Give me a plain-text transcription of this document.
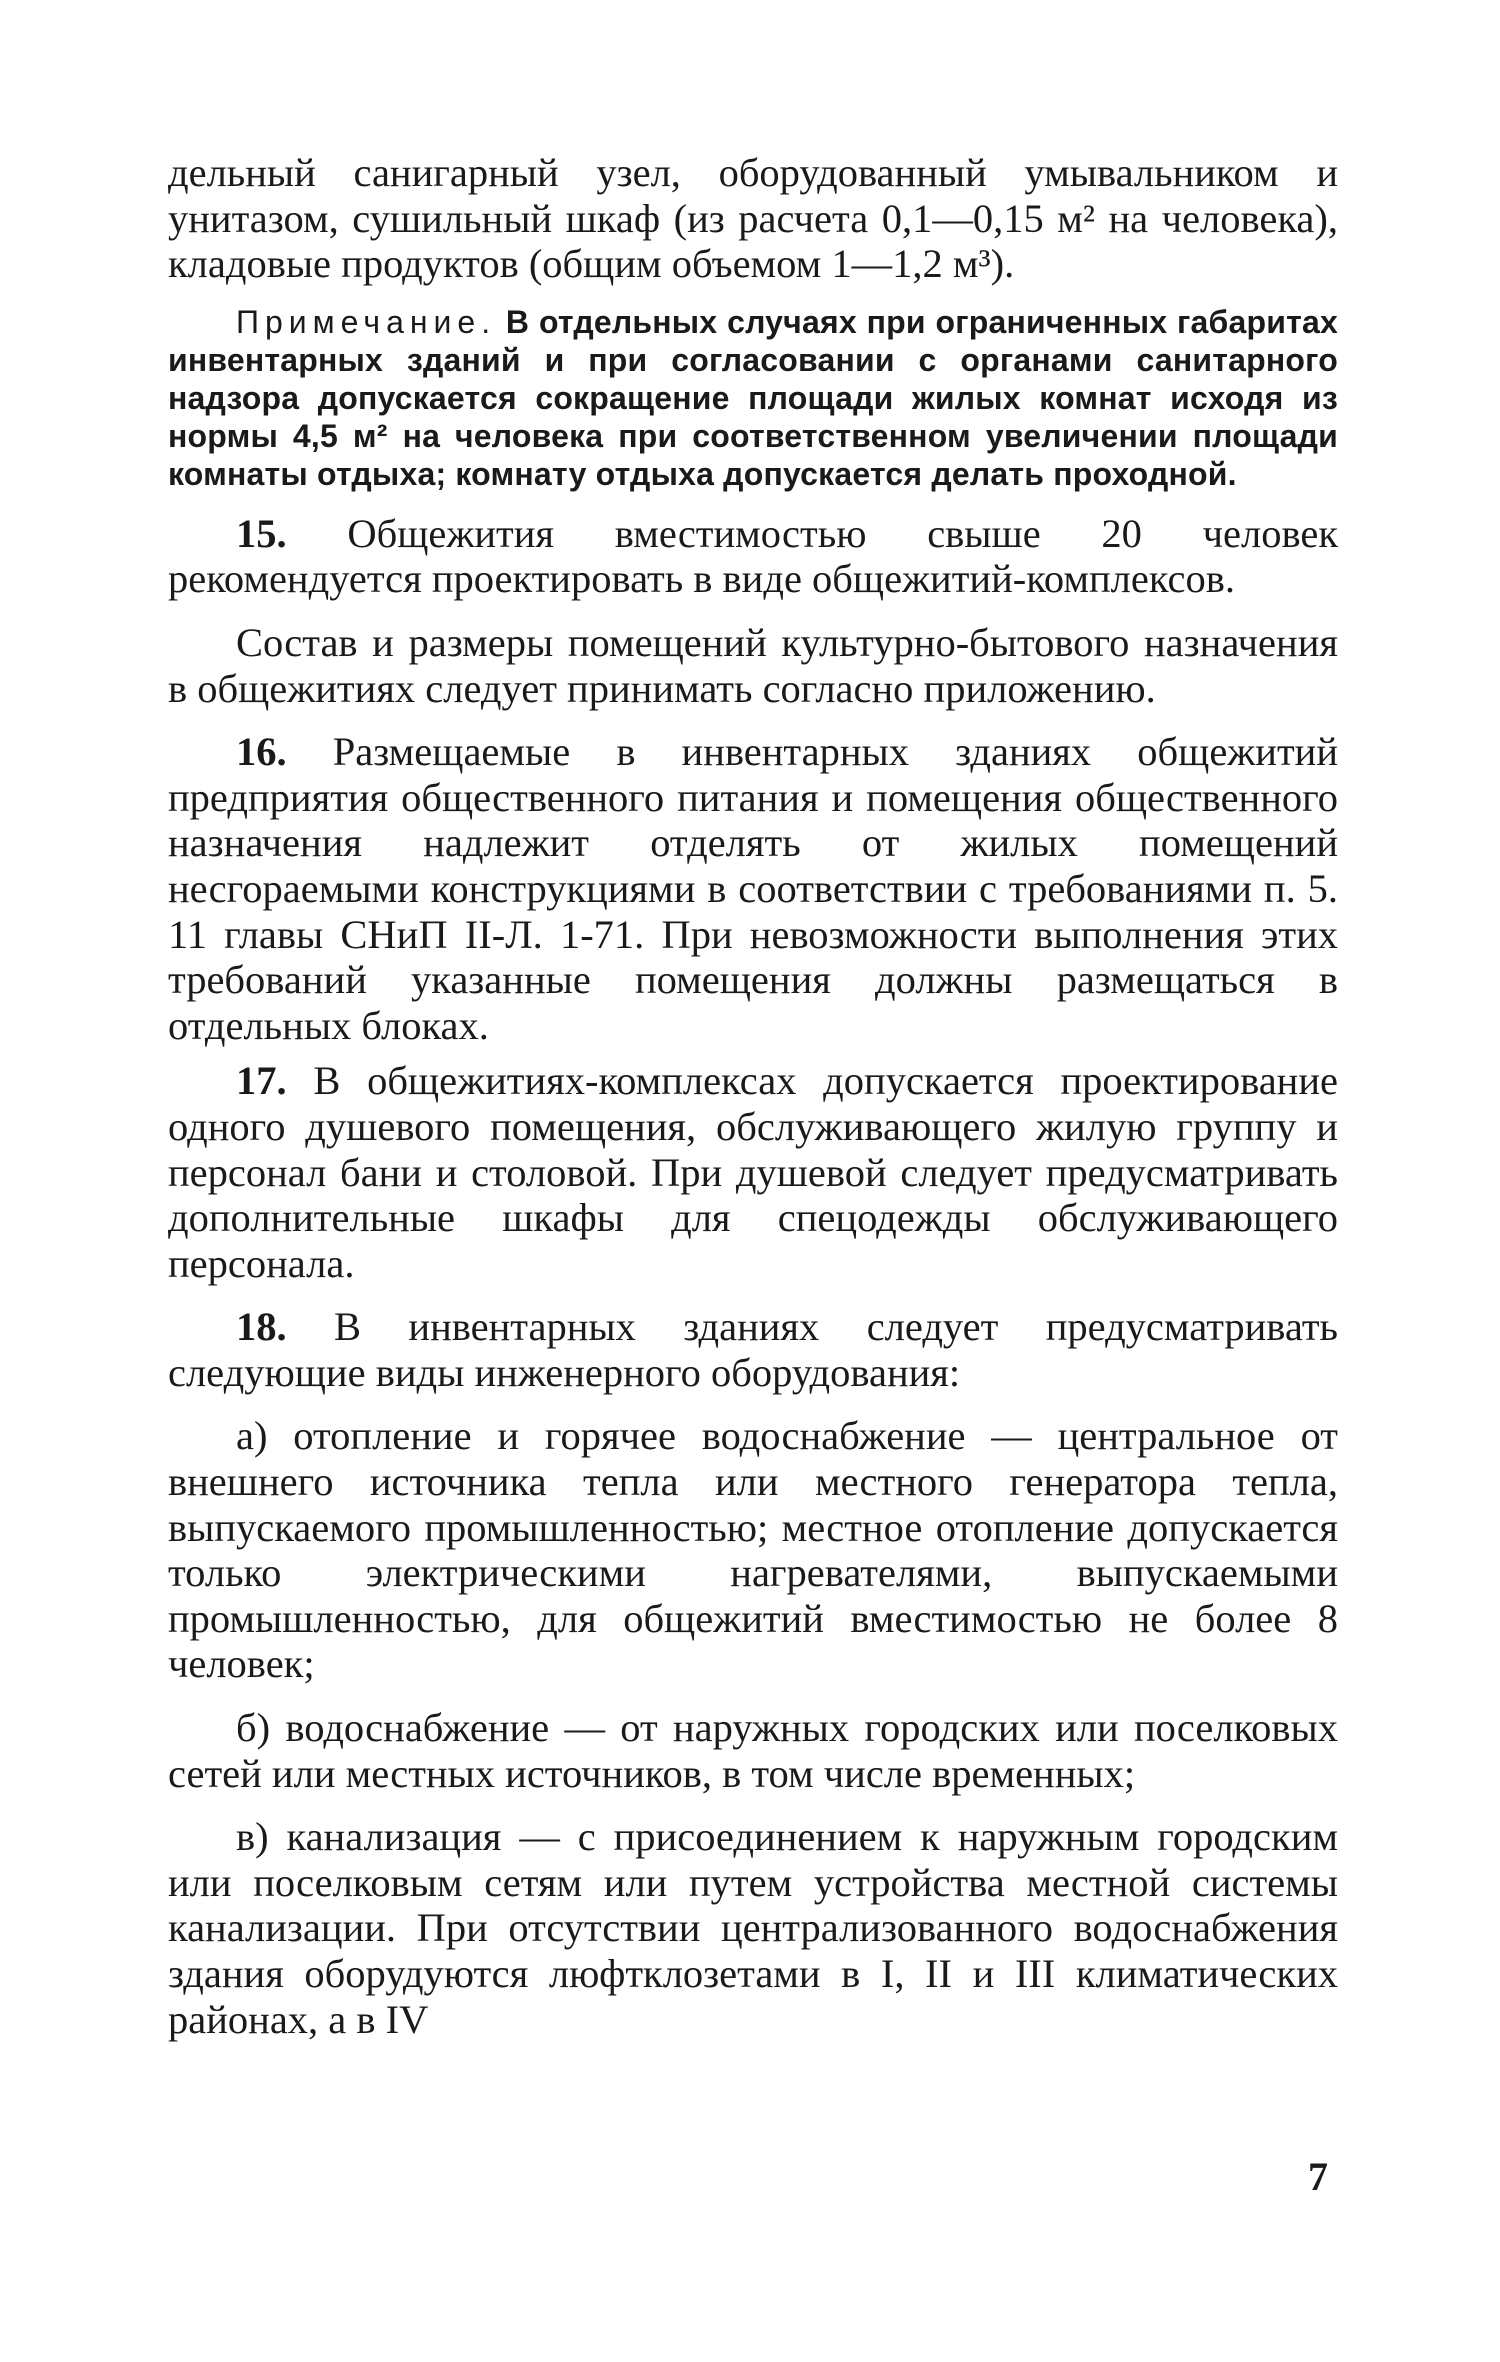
дельный санигарный узел, оборудованный умывальником и унитазом, сушильный шкаф (из расчета 0,1—0,15 м² на человека), кладовые продуктов (общим объемом 1—1,2 м³).

Примечание. В отдельных случаях при ограниченных габаритах инвентарных зданий и при согласовании с органами санитарного надзора допускается сокращение площади жилых комнат исходя из нормы 4,5 м² на человека при соответственном увеличении площади комнаты отдыха; комнату отдыха допускается делать проходной.

15. Общежития вместимостью свыше 20 человек рекомендуется проектировать в виде общежитий-комплексов.

Состав и размеры помещений культурно-бытового назначения в общежитиях следует принимать согласно приложению.

16. Размещаемые в инвентарных зданиях общежитий предприятия общественного питания и помещения общественного назначения надлежит отделять от жилых помещений несгораемыми конструкциями в соответствии с требованиями п. 5. 11 главы СНиП II-Л. 1-71. При невозможности выполнения этих требований указанные помещения должны размещаться в отдельных блоках.

17. В общежитиях-комплексах допускается проектирование одного душевого помещения, обслуживающего жилую группу и персонал бани и столовой. При душевой следует предусматривать дополнительные шкафы для спецодежды обслуживающего персонала.

18. В инвентарных зданиях следует предусматривать следующие виды инженерного оборудования:

а) отопление и горячее водоснабжение — центральное от внешнего источника тепла или местного генератора тепла, выпускаемого промышленностью; местное отопление допускается только электрическими нагревателями, выпускаемыми промышленностью, для общежитий вместимостью не более 8 человек;

б) водоснабжение — от наружных городских или поселковых сетей или местных источников, в том числе временных;

в) канализация — с присоединением к наружным городским или поселковым сетям или путем устройства местной системы канализации. При отсутствии централизованного водоснабжения здания оборудуются люфтклозетами в I, II и III климатических районах, а в IV

7
